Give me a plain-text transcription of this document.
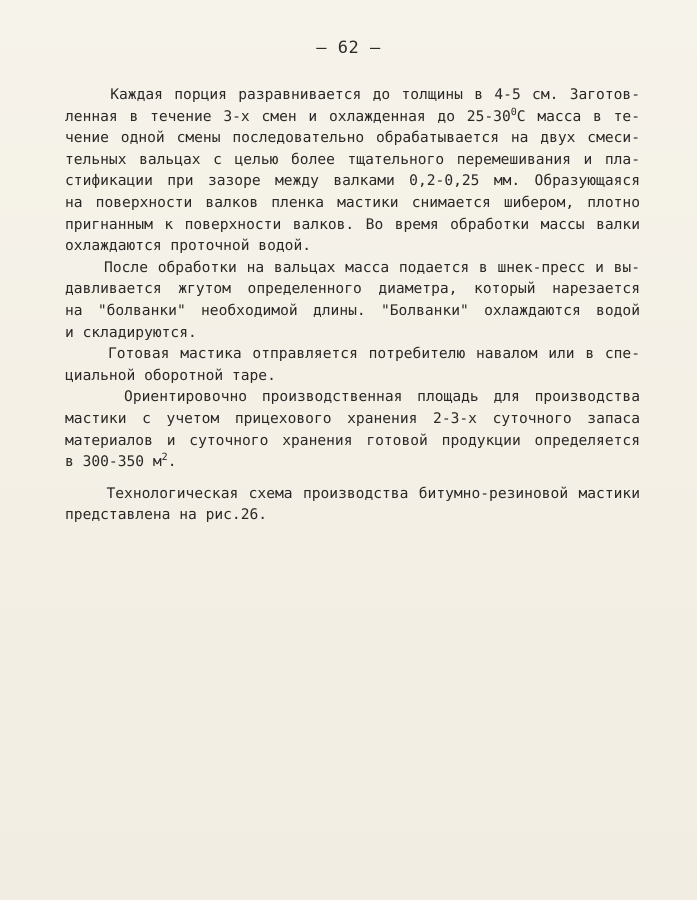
— 62 —
Каждая порция разравнивается до толщины в 4-5 см. Заготов-
ленная в течение 3-х смен и охлажденная до $25-30^0С$ масса в те-
чение одной смены последовательно обрабатывается на двух смеси-
тельных вальцах с целью более тщательного перемешивания и пла-
стификации при зазоре между валками 0,2-0,25 мм. Образующаяся
на поверхности валков пленка мастики снимается шибером, плотно
пригнанным к поверхности валков. Во время обработки массы валки
охлаждаются проточной водой.
После обработки на вальцах масса подается в шнек-пресс и вы-
давливается жгутом определенного диаметра, который нарезается
на "болванки" необходимой длины. "Болванки" охлаждаются водой
и складируются.
Готовая мастика отправляется потребителю навалом или в спе-
циальной оборотной таре.
Ориентировочно производственная площадь для производства
мастики с учетом прицехового хранения 2-3-х суточного запаса
материалов и суточного хранения готовой продукции определяется
в 300-350 $м^2$.
Технологическая схема производства битумно-резиновой мастики
представлена на рис.26.
